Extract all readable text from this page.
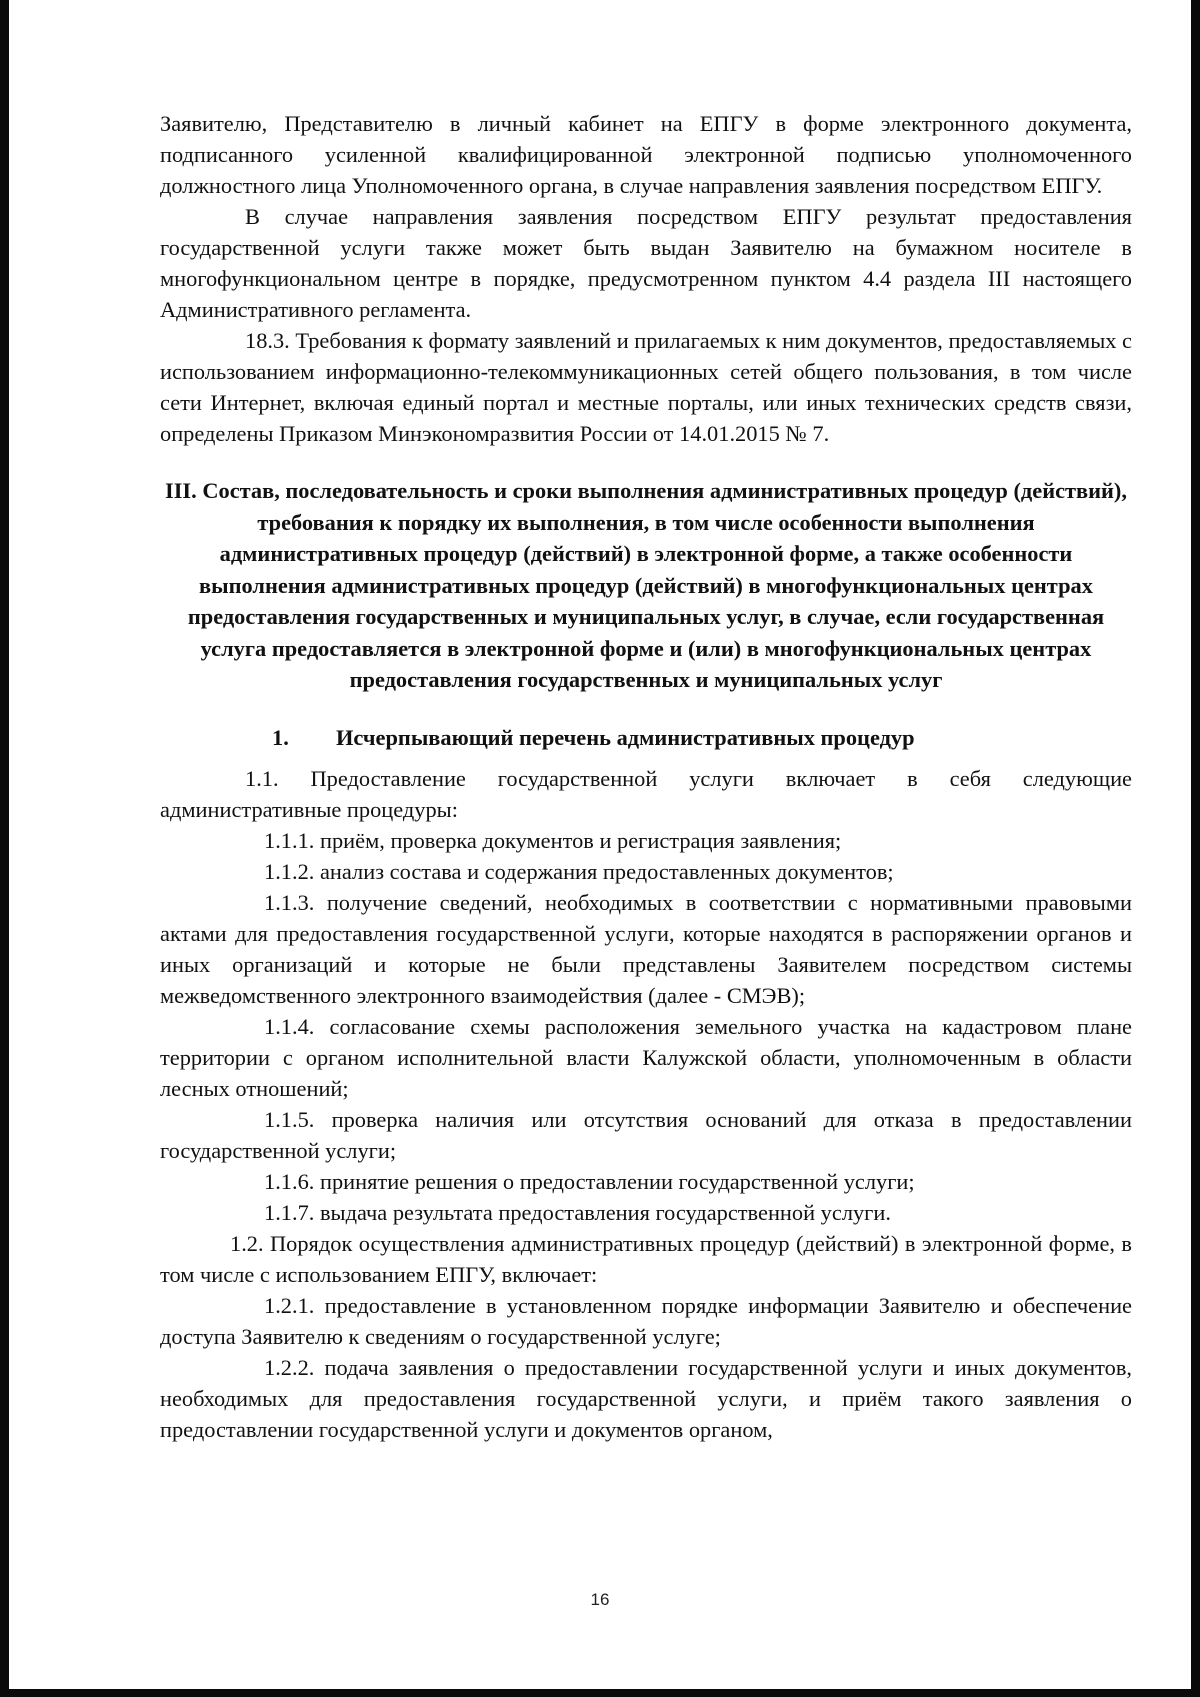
Заявителю, Представителю в личный кабинет на ЕПГУ в форме электронного документа, подписанного усиленной квалифицированной электронной подписью уполномоченного должностного лица Уполномоченного органа, в случае направления заявления посредством ЕПГУ.

В случае направления заявления посредством ЕПГУ результат предоставления государственной услуги также может быть выдан Заявителю на бумажном носителе в многофункциональном центре в порядке, предусмотренном пунктом 4.4 раздела III настоящего Административного регламента.

18.3. Требования к формату заявлений и прилагаемых к ним документов, предоставляемых с использованием информационно-телекоммуникационных сетей общего пользования, в том числе сети Интернет, включая единый портал и местные порталы, или иных технических средств связи, определены Приказом Минэкономразвития России от 14.01.2015 № 7.

III. Состав, последовательность и сроки выполнения административных процедур (действий), требования к порядку их выполнения, в том числе особенности выполнения административных процедур (действий) в электронной форме, а также особенности выполнения административных процедур (действий) в многофункциональных центрах предоставления государственных и муниципальных услуг, в случае, если государственная услуга предоставляется в электронной форме и (или) в многофункциональных центрах предоставления государственных и муниципальных услуг
1.	Исчерпывающий перечень административных процедур

1.1. Предоставление государственной услуги включает в себя следующие административные процедуры:

1.1.1. приём, проверка документов и регистрация заявления;

1.1.2. анализ состава и содержания предоставленных документов;

1.1.3. получение сведений, необходимых в соответствии с нормативными правовыми актами для предоставления государственной услуги, которые находятся в распоряжении органов и иных организаций и которые не были представлены Заявителем посредством системы межведомственного электронного взаимодействия (далее - СМЭВ);

1.1.4. согласование схемы расположения земельного участка на кадастровом плане территории с органом исполнительной власти Калужской области, уполномоченным в области лесных отношений;

1.1.5. проверка наличия или отсутствия оснований для отказа в предоставлении государственной услуги;

1.1.6. принятие решения о предоставлении государственной услуги;

1.1.7. выдача результата предоставления государственной услуги.

1.2. Порядок осуществления административных процедур (действий) в электронной форме, в том числе с использованием ЕПГУ, включает:

1.2.1. предоставление в установленном порядке информации Заявителю и обеспечение доступа Заявителю к сведениям о государственной услуге;

1.2.2. подача заявления о предоставлении государственной услуги и иных документов, необходимых для предоставления государственной услуги, и приём такого заявления о предоставлении государственной услуги и документов органом,

16
